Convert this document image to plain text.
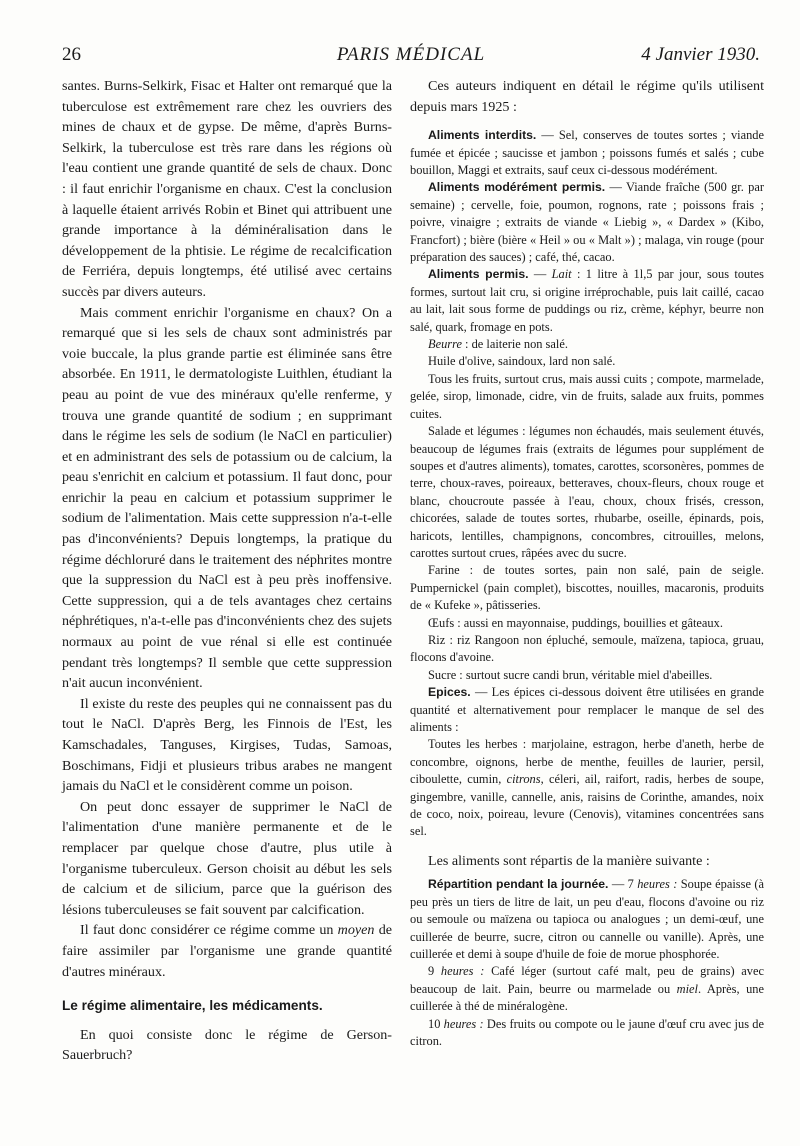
26	PARIS MÉDICAL	4 Janvier 1930.

santes. Burns-Selkirk, Fisac et Halter ont remarqué que la tuberculose est extrêmement rare chez les ouvriers des mines de chaux et de gypse. De même, d'après Burns-Selkirk, la tuberculose est très rare dans les régions où l'eau contient une grande quantité de sels de chaux. Donc : il faut enrichir l'organisme en chaux. C'est la conclusion à laquelle étaient arrivés Robin et Binet qui attribuent une grande importance à la déminéralisation dans le développement de la phtisie. Le régime de recalcification de Ferriéra, depuis longtemps, été utilisé avec certains succès par divers auteurs.

Mais comment enrichir l'organisme en chaux? On a remarqué que si les sels de chaux sont administrés par voie buccale, la plus grande partie est éliminée sans être absorbée. En 1911, le dermatologiste Luithlen, étudiant la peau au point de vue des minéraux qu'elle renferme, y trouva une grande quantité de sodium ; en supprimant dans le régime les sels de sodium (le NaCl en particulier) et en administrant des sels de potassium ou de calcium, la peau s'enrichit en calcium et potassium. Il faut donc, pour enrichir la peau en calcium et potassium supprimer le sodium de l'alimentation. Mais cette suppression n'a-t-elle pas d'inconvénients? Depuis longtemps, la pratique du régime déchloruré dans le traitement des néphrites montre que la suppression du NaCl est à peu près inoffensive. Cette suppression, qui a de tels avantages chez certains néphrétiques, n'a-t-elle pas d'inconvénients chez des sujets normaux au point de vue rénal si elle est continuée pendant très longtemps? Il semble que cette suppression n'ait aucun inconvénient.

Il existe du reste des peuples qui ne connaissent pas du tout le NaCl. D'après Berg, les Finnois de l'Est, les Kamschadales, Tanguses, Kirgises, Tudas, Samoas, Boschimans, Fidji et plusieurs tribus arabes ne mangent jamais du NaCl et le considèrent comme un poison.

On peut donc essayer de supprimer le NaCl de l'alimentation d'une manière permanente et de le remplacer par quelque chose d'autre, plus utile à l'organisme tuberculeux. Gerson choisit au début les sels de calcium et de silicium, parce que la guérison des lésions tuberculeuses se fait souvent par calcification.

Il faut donc considérer ce régime comme un moyen de faire assimiler par l'organisme une grande quantité d'autres minéraux.

Le régime alimentaire, les médicaments.

En quoi consiste donc le régime de Gerson-Sauerbruch?

Ces auteurs indiquent en détail le régime qu'ils utilisent depuis mars 1925 :

Aliments interdits. — Sel, conserves de toutes sortes ; viande fumée et épicée ; saucisse et jambon ; poissons fumés et salés ; cube bouillon, Maggi et extraits, sauf ceux ci-dessous modérément.

Aliments modérément permis. — Viande fraîche (500 gr. par semaine) ; cervelle, foie, poumon, rognons, rate ; poissons frais ; poivre, vinaigre ; extraits de viande « Liebig », « Dardex » (Kibo, Francfort) ; bière (bière « Heil » ou « Malt ») ; malaga, vin rouge (pour préparation des sauces) ; café, thé, cacao.

Aliments permis. — Lait : 1 litre à 1l,5 par jour, sous toutes formes, surtout lait cru, si origine irréprochable, puis lait caillé, cacao au lait, lait sous forme de puddings ou riz, crème, képhyr, beurre non salé, quark, fromage en pots.

Beurre : de laiterie non salé.

Huile d'olive, saindoux, lard non salé.

Tous les fruits, surtout crus, mais aussi cuits ; compote, marmelade, gelée, sirop, limonade, cidre, vin de fruits, salade aux fruits, pommes cuites.

Salade et légumes : légumes non échaudés, mais seulement étuvés, beaucoup de légumes frais (extraits de légumes pour supplément de soupes et d'autres aliments), tomates, carottes, scorsonères, pommes de terre, choux-raves, poireaux, betteraves, choux-fleurs, choux rouge et blanc, choucroute passée à l'eau, choux, choux frisés, cresson, chicorées, salade de toutes sortes, rhubarbe, oseille, épinards, pois, haricots, lentilles, champignons, concombres, citrouilles, melons, carottes surtout crues, râpées avec du sucre.

Farine : de toutes sortes, pain non salé, pain de seigle. Pumpernickel (pain complet), biscottes, nouilles, macaronis, produits de « Kufeke », pâtisseries.

Œufs : aussi en mayonnaise, puddings, bouillies et gâteaux.

Riz : riz Rangoon non épluché, semoule, maïzena, tapioca, gruau, flocons d'avoine.

Sucre : surtout sucre candi brun, véritable miel d'abeilles.

Epices. — Les épices ci-dessous doivent être utilisées en grande quantité et alternativement pour remplacer le manque de sel des aliments :

Toutes les herbes : marjolaine, estragon, herbe d'aneth, herbe de concombre, oignons, herbe de menthe, feuilles de laurier, persil, ciboulette, cumin, citrons, céleri, ail, raifort, radis, herbes de soupe, gingembre, vanille, cannelle, anis, raisins de Corinthe, amandes, noix de coco, noix, poireau, levure (Cenovis), vitamines concentrées sans sel.

Les aliments sont répartis de la manière suivante :

Répartition pendant la journée. — 7 heures : Soupe épaisse (à peu près un tiers de litre de lait, un peu d'eau, flocons d'avoine ou riz ou semoule ou maïzena ou tapioca ou analogues ; un demi-œuf, une cuillerée de beurre, sucre, citron ou cannelle ou vanille). Après, une cuillerée et demi à soupe d'huile de foie de morue phosphorée.

9 heures : Café léger (surtout café malt, peu de grains) avec beaucoup de lait. Pain, beurre ou marmelade ou miel. Après, une cuillerée à thé de minéralogène.

10 heures : Des fruits ou compote ou le jaune d'œuf cru avec jus de citron.
